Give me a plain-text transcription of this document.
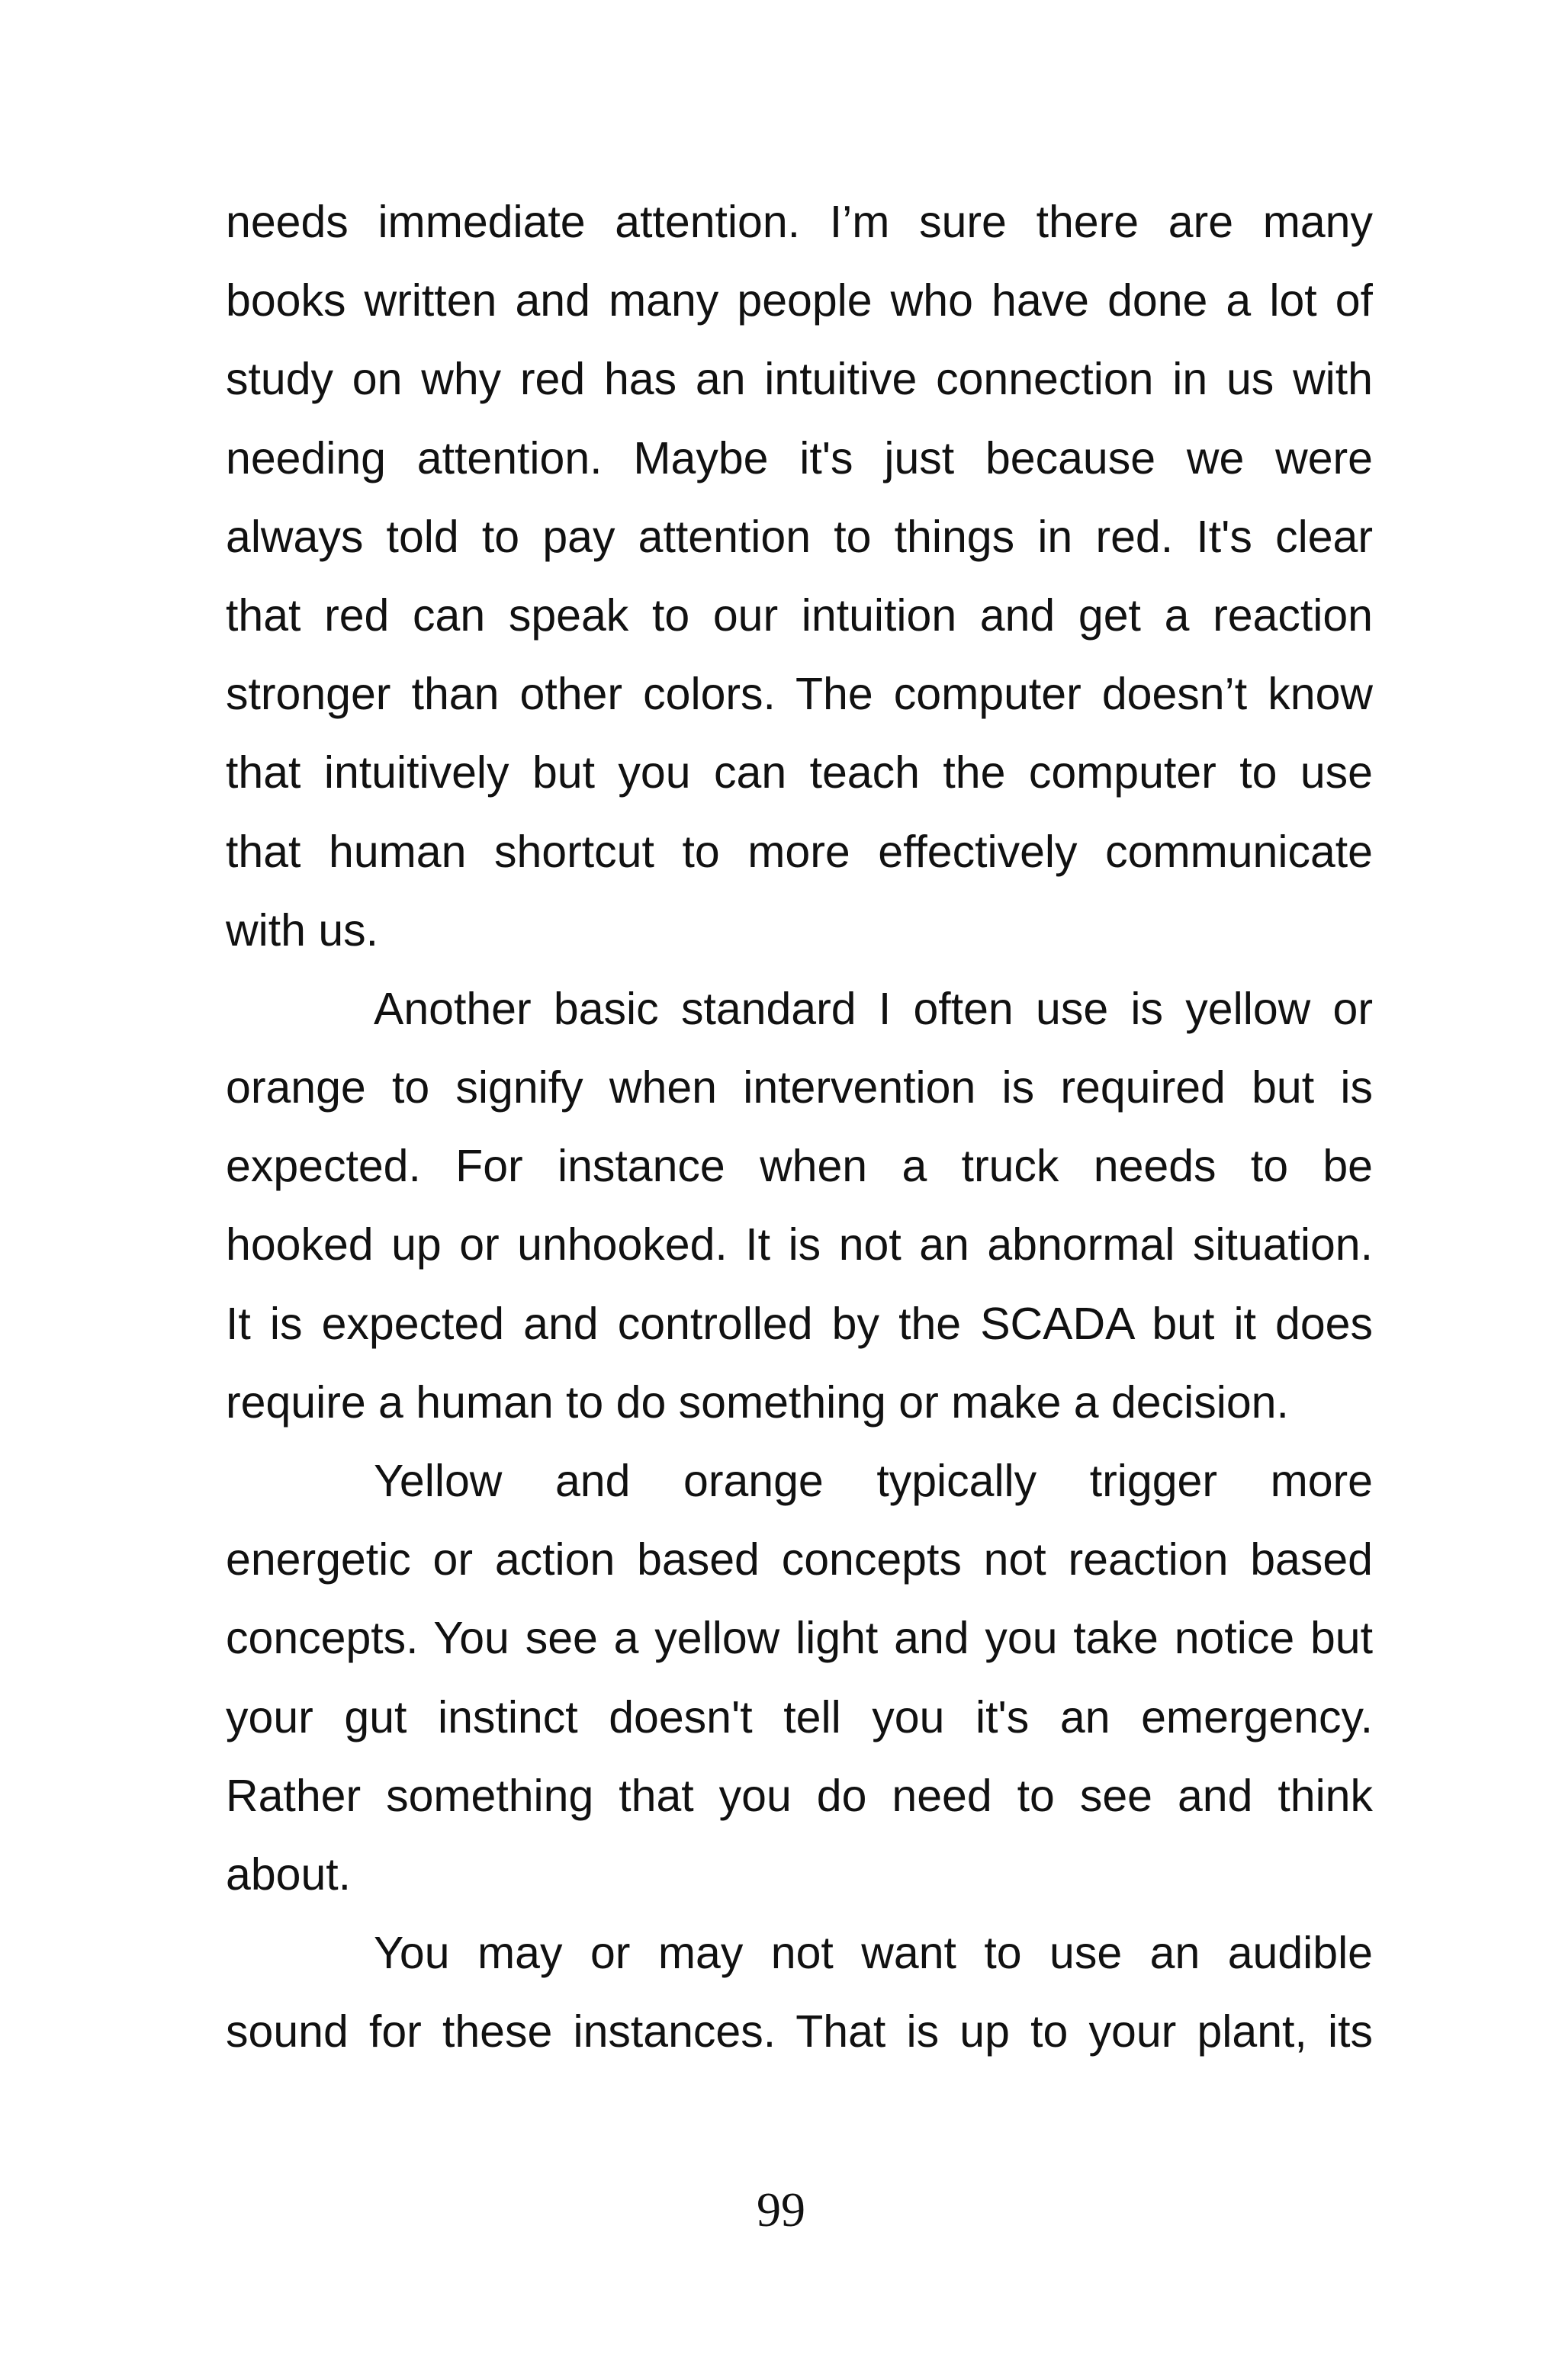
needs immediate attention. I’m sure there are many
books written and many people who have done a lot of
study on why red has an intuitive connection in us with
needing attention. Maybe it's just because we were
always told to pay attention to things in red. It's clear
that red can speak to our intuition and get a reaction
stronger than other colors. The computer doesn’t know
that intuitively but you can teach the computer to use
that human shortcut to more effectively communicate
with us.
Another basic standard I often use is yellow or
orange to signify when intervention is required but is
expected. For instance when a truck needs to be
hooked up or unhooked. It is not an abnormal situation.
It is expected and controlled by the SCADA but it does
require a human to do something or make a decision.
Yellow and orange typically trigger more
energetic or action based concepts not reaction based
concepts. You see a yellow light and you take notice but
your gut instinct doesn't tell you it's an emergency.
Rather something that you do need to see and think
about.
You may or may not want to use an audible
sound for these instances. That is up to your plant, its
99
